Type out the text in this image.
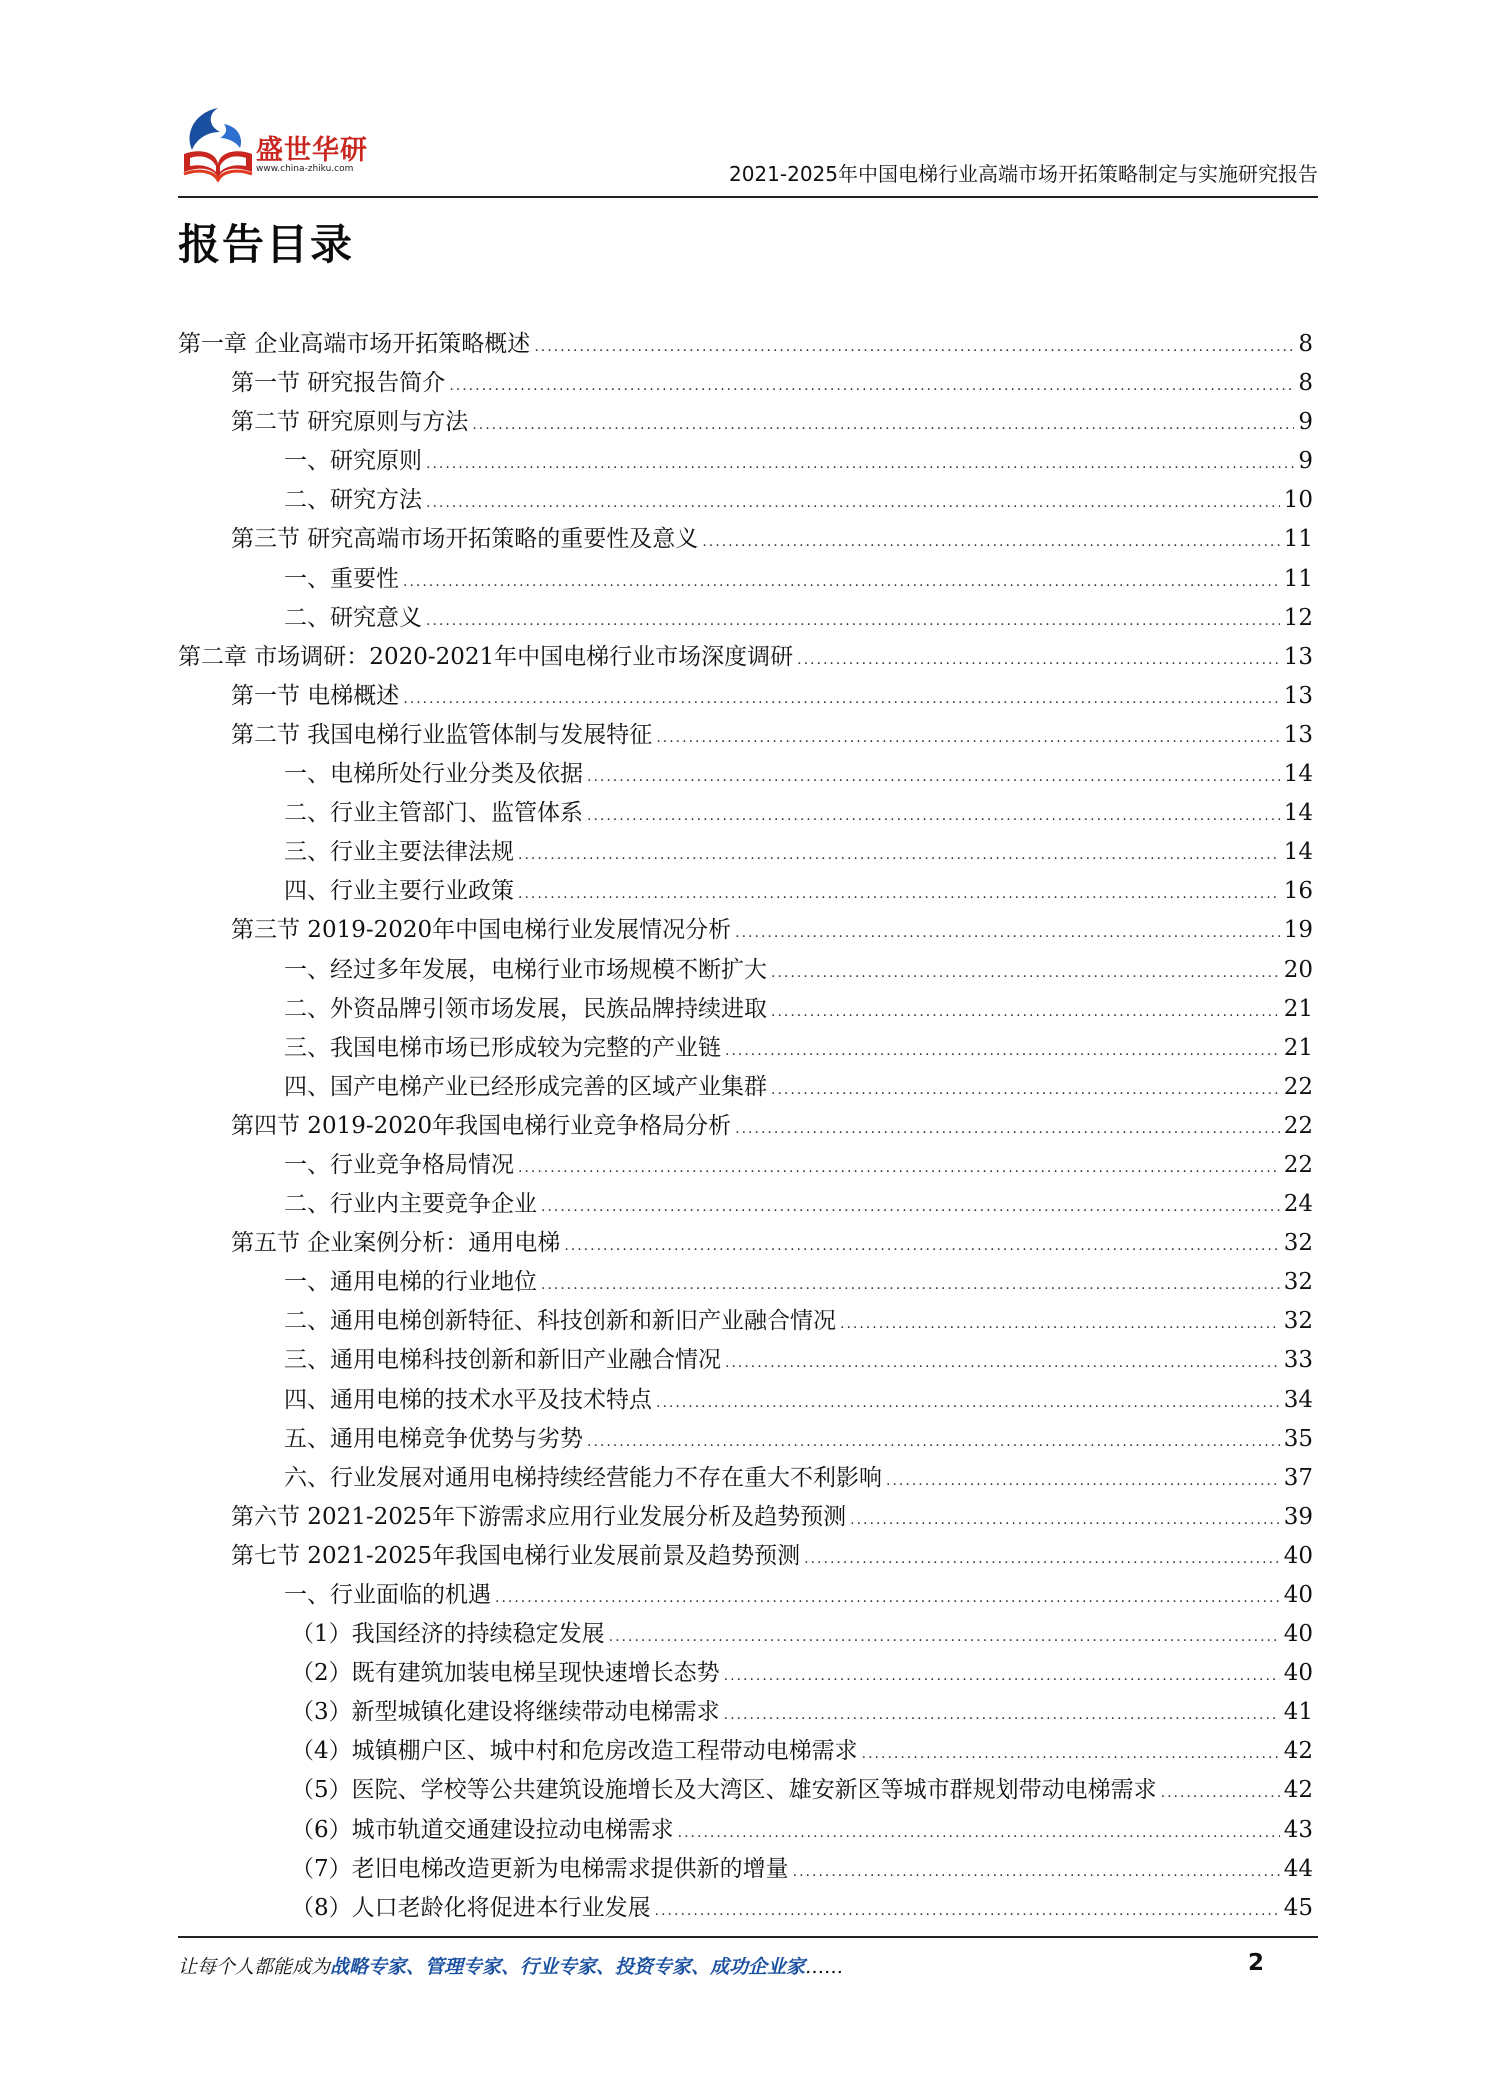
盛世华研
www.china-zhiku.com	2021-2025年中国电梯行业高端市场开拓策略制定与实施研究报告
报告目录
第一章 企业高端市场开拓策略概述 .....	8
第一节 研究报告简介 .....	8
第二节 研究原则与方法 .....	9
一、研究原则 .....	9
二、研究方法 .....	10
第三节 研究高端市场开拓策略的重要性及意义 .....	11
一、重要性 .....	11
二、研究意义 .....	12
第二章 市场调研：2020-2021年中国电梯行业市场深度调研 .....	13
第一节 电梯概述 .....	13
第二节 我国电梯行业监管体制与发展特征 .....	13
一、电梯所处行业分类及依据 .....	14
二、行业主管部门、监管体系 .....	14
三、行业主要法律法规 .....	14
四、行业主要行业政策 .....	16
第三节 2019-2020年中国电梯行业发展情况分析 .....	19
一、经过多年发展，电梯行业市场规模不断扩大 .....	20
二、外资品牌引领市场发展，民族品牌持续进取 .....	21
三、我国电梯市场已形成较为完整的产业链 .....	21
四、国产电梯产业已经形成完善的区域产业集群 .....	22
第四节 2019-2020年我国电梯行业竞争格局分析 .....	22
一、行业竞争格局情况 .....	22
二、行业内主要竞争企业 .....	24
第五节 企业案例分析：通用电梯 .....	32
一、通用电梯的行业地位 .....	32
二、通用电梯创新特征、科技创新和新旧产业融合情况 .....	32
三、通用电梯科技创新和新旧产业融合情况 .....	33
四、通用电梯的技术水平及技术特点 .....	34
五、通用电梯竞争优势与劣势 .....	35
六、行业发展对通用电梯持续经营能力不存在重大不利影响 .....	37
第六节 2021-2025年下游需求应用行业发展分析及趋势预测 .....	39
第七节 2021-2025年我国电梯行业发展前景及趋势预测 .....	40
一、行业面临的机遇 .....	40
（1）我国经济的持续稳定发展 .....	40
（2）既有建筑加装电梯呈现快速增长态势 .....	40
（3）新型城镇化建设将继续带动电梯需求 .....	41
（4）城镇棚户区、城中村和危房改造工程带动电梯需求 .....	42
（5）医院、学校等公共建筑设施增长及大湾区、雄安新区等城市群规划带动电梯需求 .....	42
（6）城市轨道交通建设拉动电梯需求 .....	43
（7）老旧电梯改造更新为电梯需求提供新的增量 .....	44
（8）人口老龄化将促进本行业发展 .....	45
让每个人都能成为战略专家、管理专家、行业专家、投资专家、成功企业家……	2
